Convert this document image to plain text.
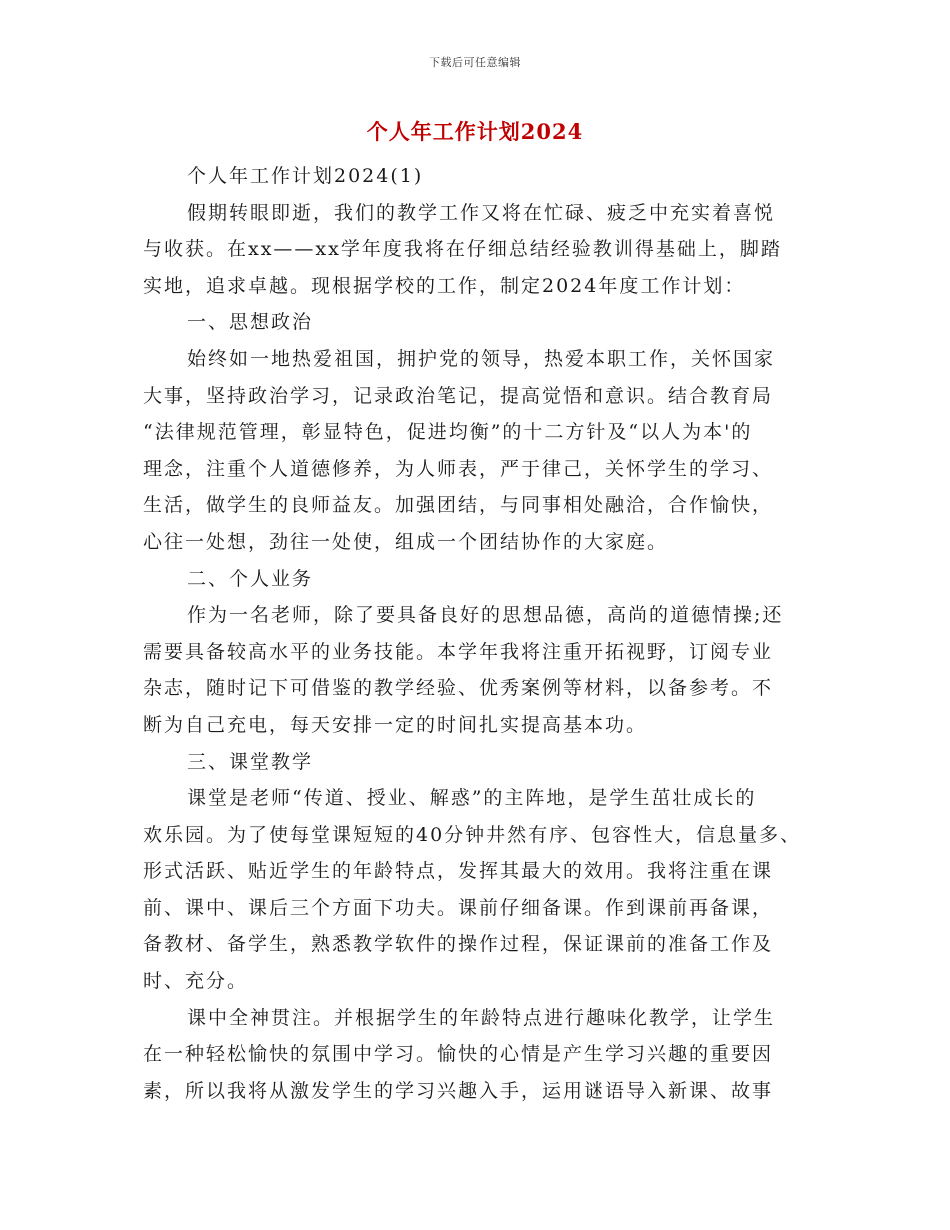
下载后可任意编辑
个人年工作计划2024

个人年工作计划2024(1)

假期转眼即逝，我们的教学工作又将在忙碌、疲乏中充实着喜悦
与收获。在xx——xx学年度我将在仔细总结经验教训得基础上，脚踏
实地，追求卓越。现根据学校的工作，制定2024年度工作计划：

一、思想政治

始终如一地热爱祖国，拥护党的领导，热爱本职工作，关怀国家
大事，坚持政治学习，记录政治笔记，提高觉悟和意识。结合教育局
“法律规范管理，彰显特色，促进均衡”的十二方针及“以人为本'的
理念，注重个人道德修养，为人师表，严于律己，关怀学生的学习、
生活，做学生的良师益友。加强团结，与同事相处融洽，合作愉快，
心往一处想，劲往一处使，组成一个团结协作的大家庭。

二、个人业务

作为一名老师，除了要具备良好的思想品德，高尚的道德情操;还
需要具备较高水平的业务技能。本学年我将注重开拓视野，订阅专业
杂志，随时记下可借鉴的教学经验、优秀案例等材料，以备参考。不
断为自己充电，每天安排一定的时间扎实提高基本功。

三、课堂教学

课堂是老师“传道、授业、解惑”的主阵地，是学生茁壮成长的
欢乐园。为了使每堂课短短的40分钟井然有序、包容性大，信息量多、
形式活跃、贴近学生的年龄特点，发挥其最大的效用。我将注重在课
前、课中、课后三个方面下功夫。课前仔细备课。作到课前再备课，
备教材、备学生，熟悉教学软件的操作过程，保证课前的准备工作及
时、充分。

课中全神贯注。并根据学生的年龄特点进行趣味化教学，让学生
在一种轻松愉快的氛围中学习。愉快的心情是产生学习兴趣的重要因
素，所以我将从激发学生的学习兴趣入手，运用谜语导入新课、故事
